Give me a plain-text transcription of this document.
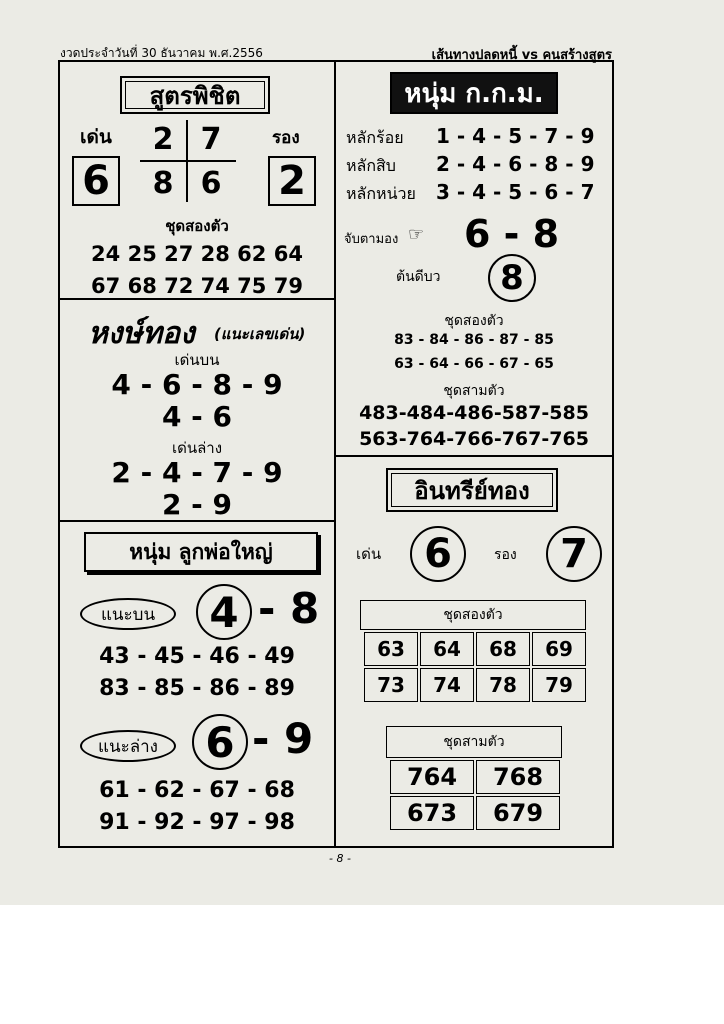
งวดประจำวันที่ 30 ธันวาคม พ.ศ.2556	เส้นทางปลดหนี้ vs คนสร้างสูตร
สูตรพิชิต
เด่น	รอง
2 7
8 6
6	2
ชุดสองตัว
24 25 27 28 62 64
67 68 72 74 75 79
หงษ์ทอง (แนะเลขเด่น)
เด่นบน
4 - 6 - 8 - 9
4 - 6
เด่นล่าง
2 - 4 - 7 - 9
2 - 9
หนุ่ม ลูกพ่อใหญ่
แนะบน	4 - 8
43 - 45 - 46 - 49
83 - 85 - 86 - 89
แนะล่าง	6 - 9
61 - 62 - 67 - 68
91 - 92 - 97 - 98
หนุ่ม ก.ก.ม.
หลักร้อย 1 - 4 - 5 - 7 - 9
หลักสิบ 2 - 4 - 6 - 8 - 9
หลักหน่วย 3 - 4 - 5 - 6 - 7
จับตามอง ☞ 6 - 8
ต้นดีบว	8
ชุดสองตัว
83 - 84 - 86 - 87 - 85
63 - 64 - 66 - 67 - 65
ชุดสามตัว
483-484-486-587-585
563-764-766-767-765
อินทรีย์ทอง
เด่น	6	รอง	7
ชุดสองตัว
63	64	68	69
73	74	78	79
ชุดสามตัว
764	768
673	679
- 8 -
